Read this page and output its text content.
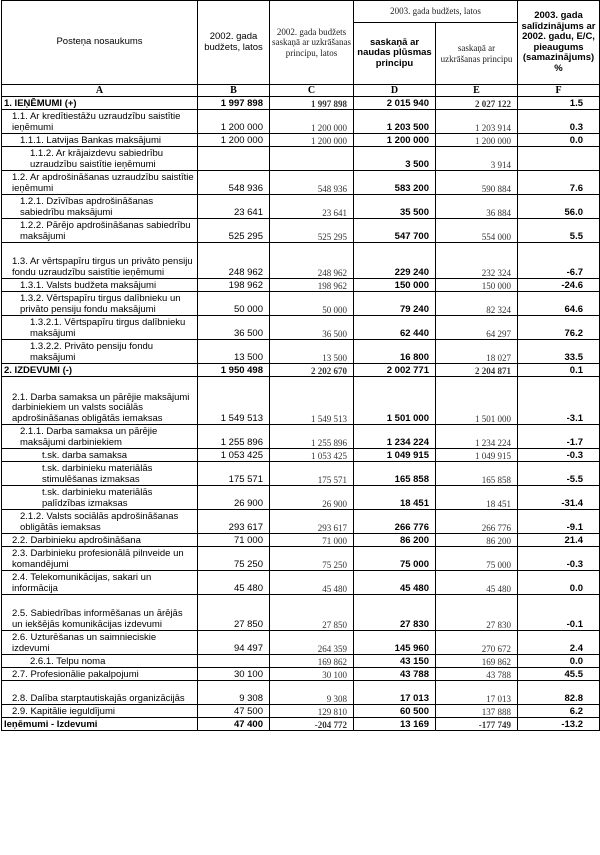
Posteņa nosaukums	2002. gada budžets, latos	2002. gada budžets saskaņā ar uzkrāšanas principu, latos	2003. gada budžets, latos		2003. gada salīdzinājums ar 2002. gadu, E/C, pieaugums (samazinājums) %
			saskaņā ar naudas plūsmas principu	saskaņā ar uzkrāšanas principu	
A	B	C	D	E	F
1. IEŅĒMUMI (+)	1 997 898	1 997 898	2 015 940	2 027 122	1.5
1.1. Ar kredītiestāžu uzraudzību saistītie ieņēmumi	1 200 000	1 200 000	1 203 500	1 203 914	0.3
1.1.1. Latvijas Bankas maksājumi	1 200 000	1 200 000	1 200 000	1 200 000	0.0
1.1.2. Ar krājaizdevu sabiedrību uzraudzību saistītie ieņēmumi			3 500	3 914	
1.2. Ar apdrošināšanas uzraudzību saistītie ieņēmumi	548 936	548 936	583 200	590 884	7.6
1.2.1. Dzīvības apdrošināšanas sabiedrību maksājumi	23 641	23 641	35 500	36 884	56.0
1.2.2. Pārējo apdrošināšanas sabiedrību maksājumi	525 295	525 295	547 700	554 000	5.5
1.3. Ar vērtspapīru tirgus un privāto pensiju fondu uzraudzību saistītie ieņēmumi	248 962	248 962	229 240	232 324	-6.7
1.3.1. Valsts budžeta maksājumi	198 962	198 962	150 000	150 000	-24.6
1.3.2. Vērtspapīru tirgus dalībnieku un privāto pensiju fondu maksājumi	50 000	50 000	79 240	82 324	64.6
1.3.2.1. Vērtspapīru tirgus dalībnieku maksājumi	36 500	36 500	62 440	64 297	76.2
1.3.2.2. Privāto pensiju fondu maksājumi	13 500	13 500	16 800	18 027	33.5
2. IZDEVUMI (-)	1 950 498	2 202 670	2 002 771	2 204 871	0.1
2.1. Darba samaksa un pārējie maksājumi darbiniekiem un valsts sociālās apdrošināšanas obligātās iemaksas	1 549 513	1 549 513	1 501 000	1 501 000	-3.1
2.1.1. Darba samaksa un pārējie maksājumi darbiniekiem	1 255 896	1 255 896	1 234 224	1 234 224	-1.7
t.sk. darba samaksa	1 053 425	1 053 425	1 049 915	1 049 915	-0.3
t.sk. darbinieku materiālās stimulēšanas izmaksas	175 571	175 571	165 858	165 858	-5.5
t.sk. darbinieku materiālās palīdzības izmaksas	26 900	26 900	18 451	18 451	-31.4
2.1.2. Valsts sociālās apdrošināšanas obligātās iemaksas	293 617	293 617	266 776	266 776	-9.1
2.2. Darbinieku apdrošināšana	71 000	71 000	86 200	86 200	21.4
2.3. Darbinieku profesionālā pilnveide un komandējumi	75 250	75 250	75 000	75 000	-0.3
2.4. Telekomunikācijas, sakari un informācija	45 480	45 480	45 480	45 480	0.0
2.5. Sabiedrības informēšanas un ārējās un iekšējās komunikācijas izdevumi	27 850	27 850	27 830	27 830	-0.1
2.6. Uzturēšanas un saimnieciskie izdevumi	94 497	264 359	145 960	270 672	2.4
2.6.1. Telpu noma		169 862	43 150	169 862	0.0
2.7. Profesionālie pakalpojumi	30 100	30 100	43 788	43 788	45.5
2.8. Dalība starptautiskajās organizācijās	9 308	9 308	17 013	17 013	82.8
2.9. Kapitālie ieguldījumi	47 500	129 810	60 500	137 888	6.2
Ieņēmumi - Izdevumi	47 400	-204 772	13 169	-177 749	-13.2
